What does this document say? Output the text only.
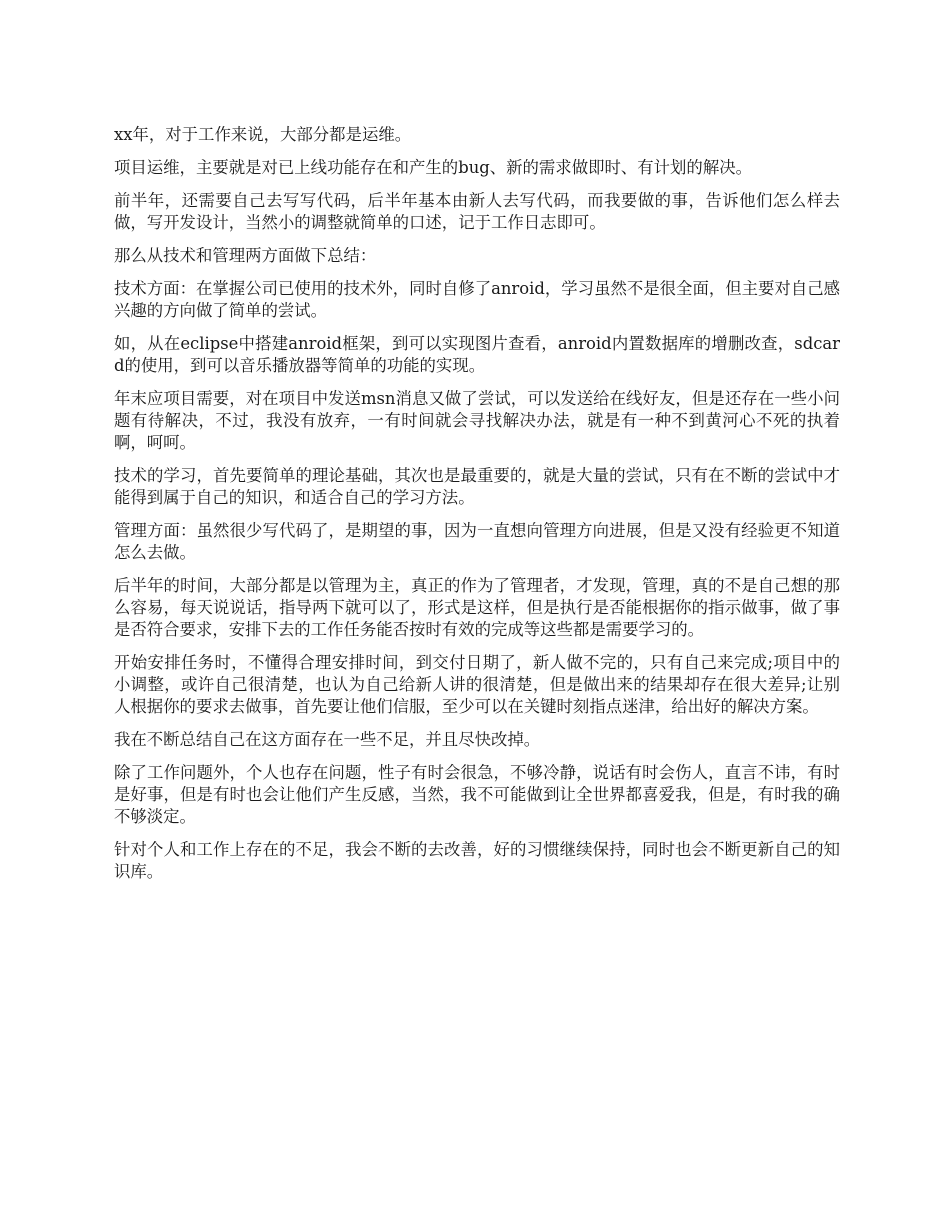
xx年，对于工作来说，大部分都是运维。

项目运维，主要就是对已上线功能存在和产生的bug、新的需求做即时、有计划的解决。

前半年，还需要自己去写写代码，后半年基本由新人去写代码，而我要做的事，告诉他们怎么样去做，写开发设计，当然小的调整就简单的口述，记于工作日志即可。

那么从技术和管理两方面做下总结：

技术方面：在掌握公司已使用的技术外，同时自修了anroid，学习虽然不是很全面，但主要对自己感兴趣的方向做了简单的尝试。

如，从在eclipse中搭建anroid框架，到可以实现图片查看，anroid内置数据库的增删改查，sdcard的使用，到可以音乐播放器等简单的功能的实现。

年末应项目需要，对在项目中发送msn消息又做了尝试，可以发送给在线好友，但是还存在一些小问题有待解决，不过，我没有放弃，一有时间就会寻找解决办法，就是有一种不到黄河心不死的执着啊，呵呵。

技术的学习，首先要简单的理论基础，其次也是最重要的，就是大量的尝试，只有在不断的尝试中才能得到属于自己的知识，和适合自己的学习方法。

管理方面：虽然很少写代码了，是期望的事，因为一直想向管理方向进展，但是又没有经验更不知道怎么去做。

后半年的时间，大部分都是以管理为主，真正的作为了管理者，才发现，管理，真的不是自己想的那么容易，每天说说话，指导两下就可以了，形式是这样，但是执行是否能根据你的指示做事，做了事是否符合要求，安排下去的工作任务能否按时有效的完成等这些都是需要学习的。

开始安排任务时，不懂得合理安排时间，到交付日期了，新人做不完的，只有自己来完成;项目中的小调整，或许自己很清楚，也认为自己给新人讲的很清楚，但是做出来的结果却存在很大差异;让别人根据你的要求去做事，首先要让他们信服，至少可以在关键时刻指点迷津，给出好的解决方案。

我在不断总结自己在这方面存在一些不足，并且尽快改掉。

除了工作问题外，个人也存在问题，性子有时会很急，不够冷静，说话有时会伤人，直言不讳，有时是好事，但是有时也会让他们产生反感，当然，我不可能做到让全世界都喜爱我，但是，有时我的确不够淡定。

针对个人和工作上存在的不足，我会不断的去改善，好的习惯继续保持，同时也会不断更新自己的知识库。
